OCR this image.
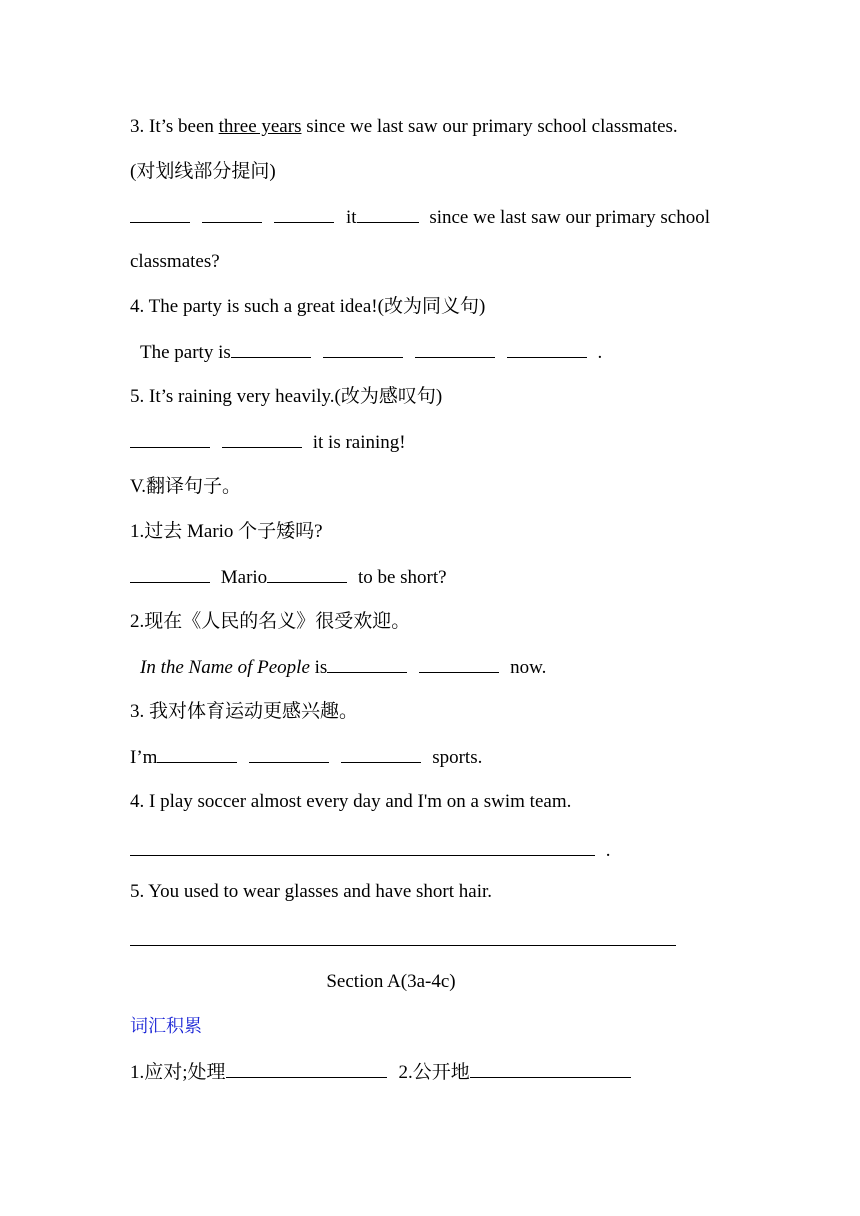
3. It’s been three years since we last saw our primary school classmates.
(对划线部分提问)
it	since we last saw our primary school
classmates?
4. The party is such a great idea!(改为同义句)
The party is	.
5. It’s raining very heavily.(改为感叹句)
it is raining!
V.翻译句子。
1.过去 Mario 个子矮吗?
Mario	to be short?
2.现在《人民的名义》很受欢迎。
In the Name of People is	now.
3. 我对体育运动更感兴趣。
I’m	sports.
4. I play soccer almost every day and I'm on a swim team.
.
5. You used to wear glasses and have short hair.
Section A(3a-4c)
词汇积累
1.应对;处理	2.公开地
